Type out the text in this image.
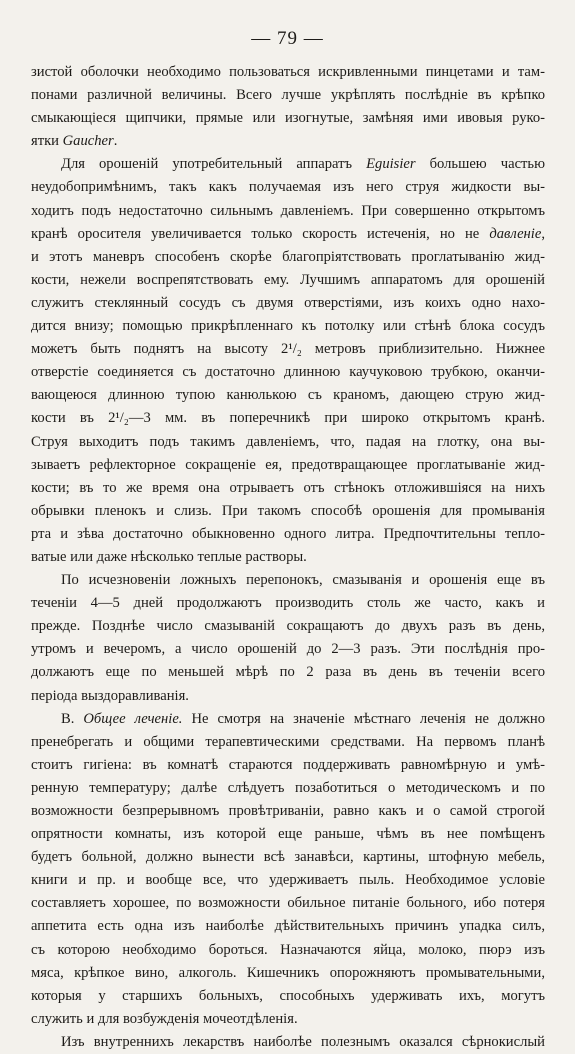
— 79 —
зистой оболочки необходимо пользоваться искривленными пинцетами и там-
понами различной величины. Всего лучше укрѣплять послѣднiе въ крѣпко
смыкающiеся щипчики, прямые или изогнутые, замѣняя ими ивовыя руко-
ятки Gaucher.
Для орошенiй употребительный аппаратъ Eguisier большею частью
неудобопримѣнимъ, такъ какъ получаемая изъ него струя жидкости вы-
ходитъ подъ недостаточно сильнымъ давленiемъ. При совершенно открытомъ
кранѣ оросителя увеличивается только скорость истеченiя, но не давленiе,
и этотъ маневръ способенъ скорѣе благопрiятствовать проглатыванiю жид-
кости, нежели воспрепятствовать ему. Лучшимъ аппаратомъ для орошенiй
служитъ стеклянный сосудъ съ двумя отверстiями, изъ коихъ одно нахо-
дится внизу; помощью прикрѣпленнаго къ потолку или стѣнѣ блока сосудъ
можетъ быть поднятъ на высоту 2¹/₂ метровъ приблизительно. Нижнее
отверстiе соединяется съ достаточно длинною каучуковою трубкою, оканчи-
вающеюся длинною тупою канюлькою съ краномъ, дающею струю жид-
кости въ 2¹/₂—3 мм. въ поперечникѣ при широко открытомъ кранѣ.
Струя выходитъ подъ такимъ давленiемъ, что, падая на глотку, она вы-
зываетъ рефлекторное сокращенiе ея, предотвращающее проглатыванiе жид-
кости; въ то же время она отрываетъ отъ стѣнокъ отложившiяся на нихъ
обрывки пленокъ и слизь. При такомъ способѣ орошенiя для промыванiя
рта и зѣва достаточно обыкновенно одного литра. Предпочтительны тепло-
ватые или даже нѣсколько теплые растворы.
По исчезновенiи ложныхъ перепонокъ, смазыванiя и орошенiя еще въ
теченiи 4—5 дней продолжаютъ производить столь же часто, какъ и
прежде. Позднѣе число смазыванiй сокращаютъ до двухъ разъ въ день,
утромъ и вечеромъ, а число орошенiй до 2—3 разъ. Эти послѣднiя про-
должаютъ еще по меньшей мѣрѣ по 2 раза въ день въ теченiи всего
перiода выздоравливанiя.
В. Общее леченiе. Не смотря на значенiе мѣстнаго леченiя не должно
пренебрегать и общими терапевтическими средствами. На первомъ планѣ
стоитъ гигiена: въ комнатѣ стараются поддерживать равномѣрную и умѣ-
ренную температуру; далѣе слѣдуетъ позаботиться о методическомъ и по
возможности безпрерывномъ провѣтриванiи, равно какъ и о самой строгой
опрятности комнаты, изъ которой еще раньше, чѣмъ въ нее помѣщенъ
будетъ больной, должно вынести всѣ занавѣси, картины, штофную мебель,
книги и пр. и вообще все, что удерживаетъ пыль. Необходимое условiе
составляетъ хорошее, по возможности обильное питанiе больного, ибо потеря
аппетита есть одна изъ наиболѣе дѣйствительныхъ причинъ упадка силъ,
съ которою необходимо бороться. Назначаются яйца, молоко, пюрэ изъ
мяса, крѣпкое вино, алкоголь. Кишечникъ опорожняютъ промывательными,
которыя у старшихъ больныхъ, способныхъ удерживать ихъ, могутъ
служить и для возбужденiя мочеотдѣленiя.
Изъ внутреннихъ лекарствъ наиболѣе полезнымъ оказался сѣрнокислый
